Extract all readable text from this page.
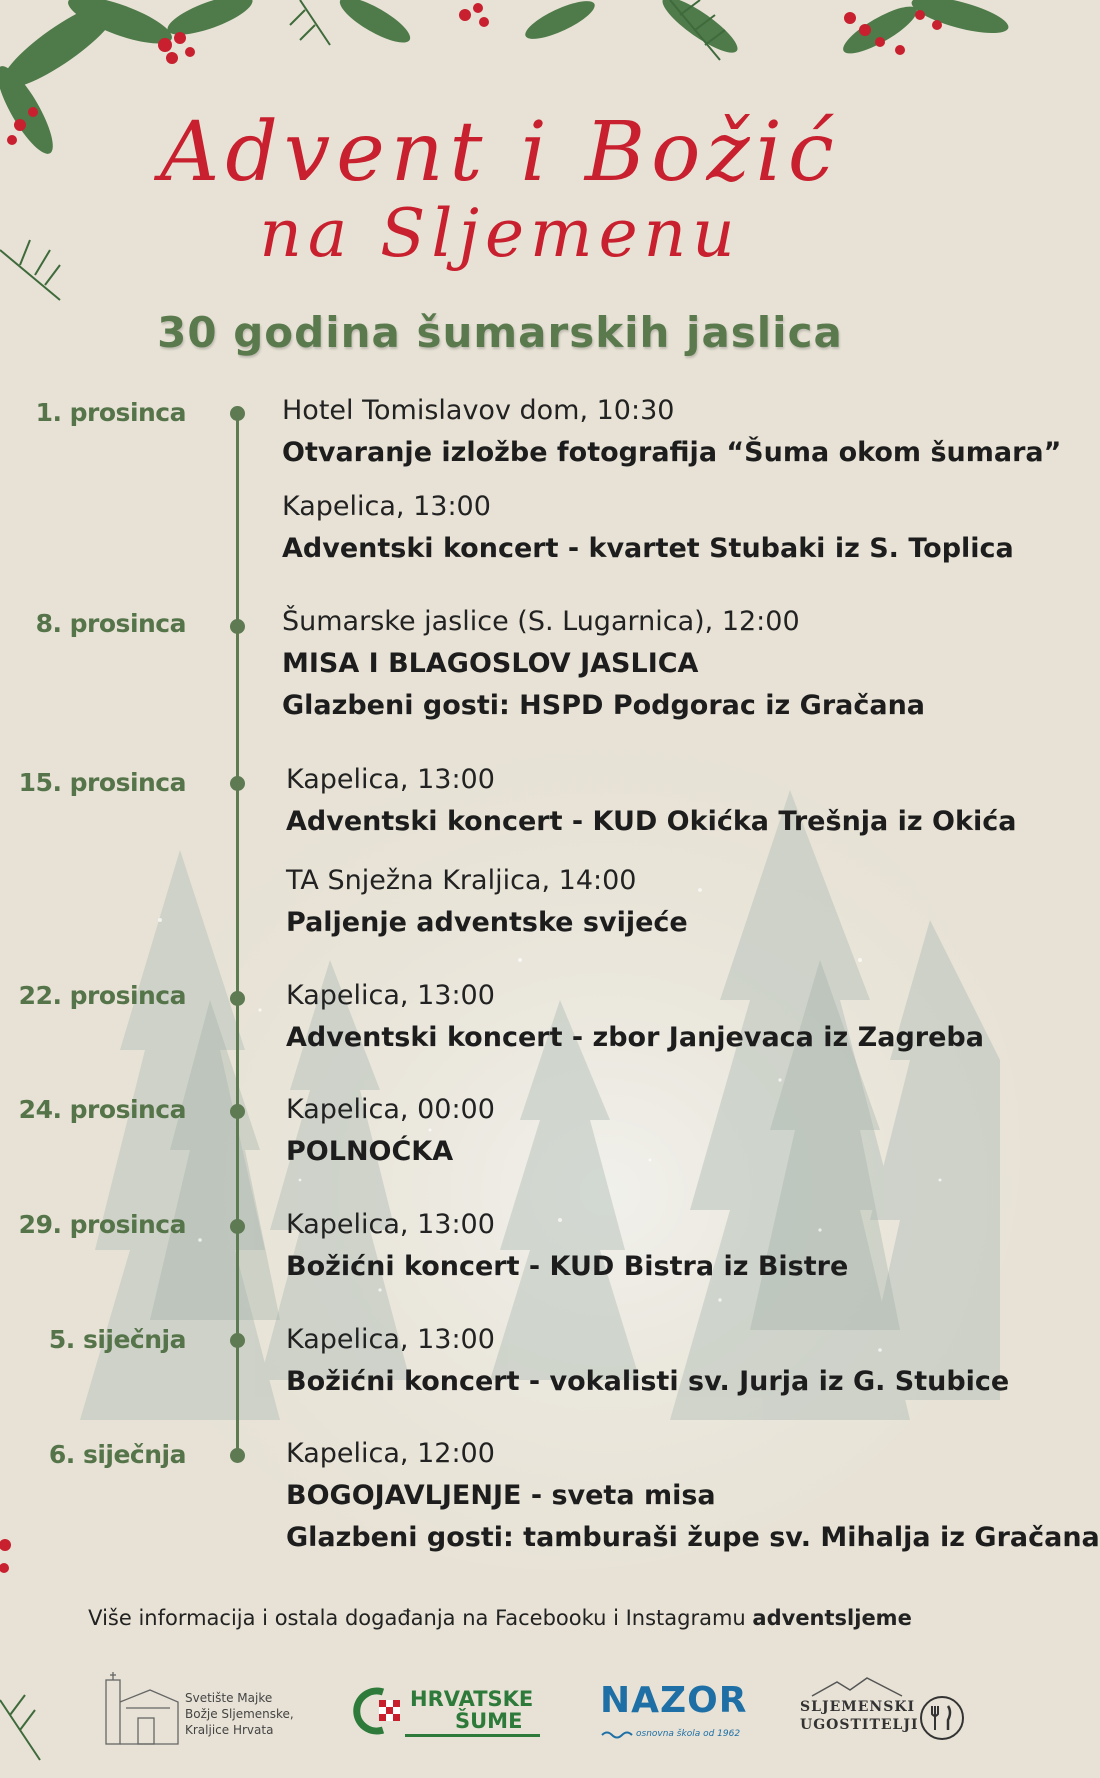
Advent i Božić
na Sljemenu
30 godina šumarskih jaslica
1. prosinca	Hotel Tomislavov dom, 10:30
Otvaranje izložbe fotografija “Šuma okom šumara”
Kapelica, 13:00
Adventski koncert - kvartet Stubaki iz S. Toplica
8. prosinca	Šumarske jaslice (S. Lugarnica), 12:00
MISA I BLAGOSLOV JASLICA
Glazbeni gosti: HSPD Podgorac iz Gračana
15. prosinca	Kapelica, 13:00
Adventski koncert - KUD Okićka Trešnja iz Okića
TA Snježna Kraljica, 14:00
Paljenje adventske svijeće
22. prosinca	Kapelica, 13:00
Adventski koncert - zbor Janjevaca iz Zagreba
24. prosinca	Kapelica, 00:00
POLNOĆKA
29. prosinca	Kapelica, 13:00
Božićni koncert - KUD Bistra iz Bistre
5. siječnja	Kapelica, 13:00
Božićni koncert - vokalisti sv. Jurja iz G. Stubice
6. siječnja	Kapelica, 12:00
BOGOJAVLJENJE - sveta misa
Glazbeni gosti: tamburaši župe sv. Mihalja iz Gračana
Više informacija i ostala događanja na Facebooku i Instagramu adventsljeme
Svetište Majke
Božje Sljemenske,
Kraljice Hrvata
HRVATSKE
ŠUME NAZOR
osnovna škola od 1962
SLJEMENSKI
UGOSTITELJI
